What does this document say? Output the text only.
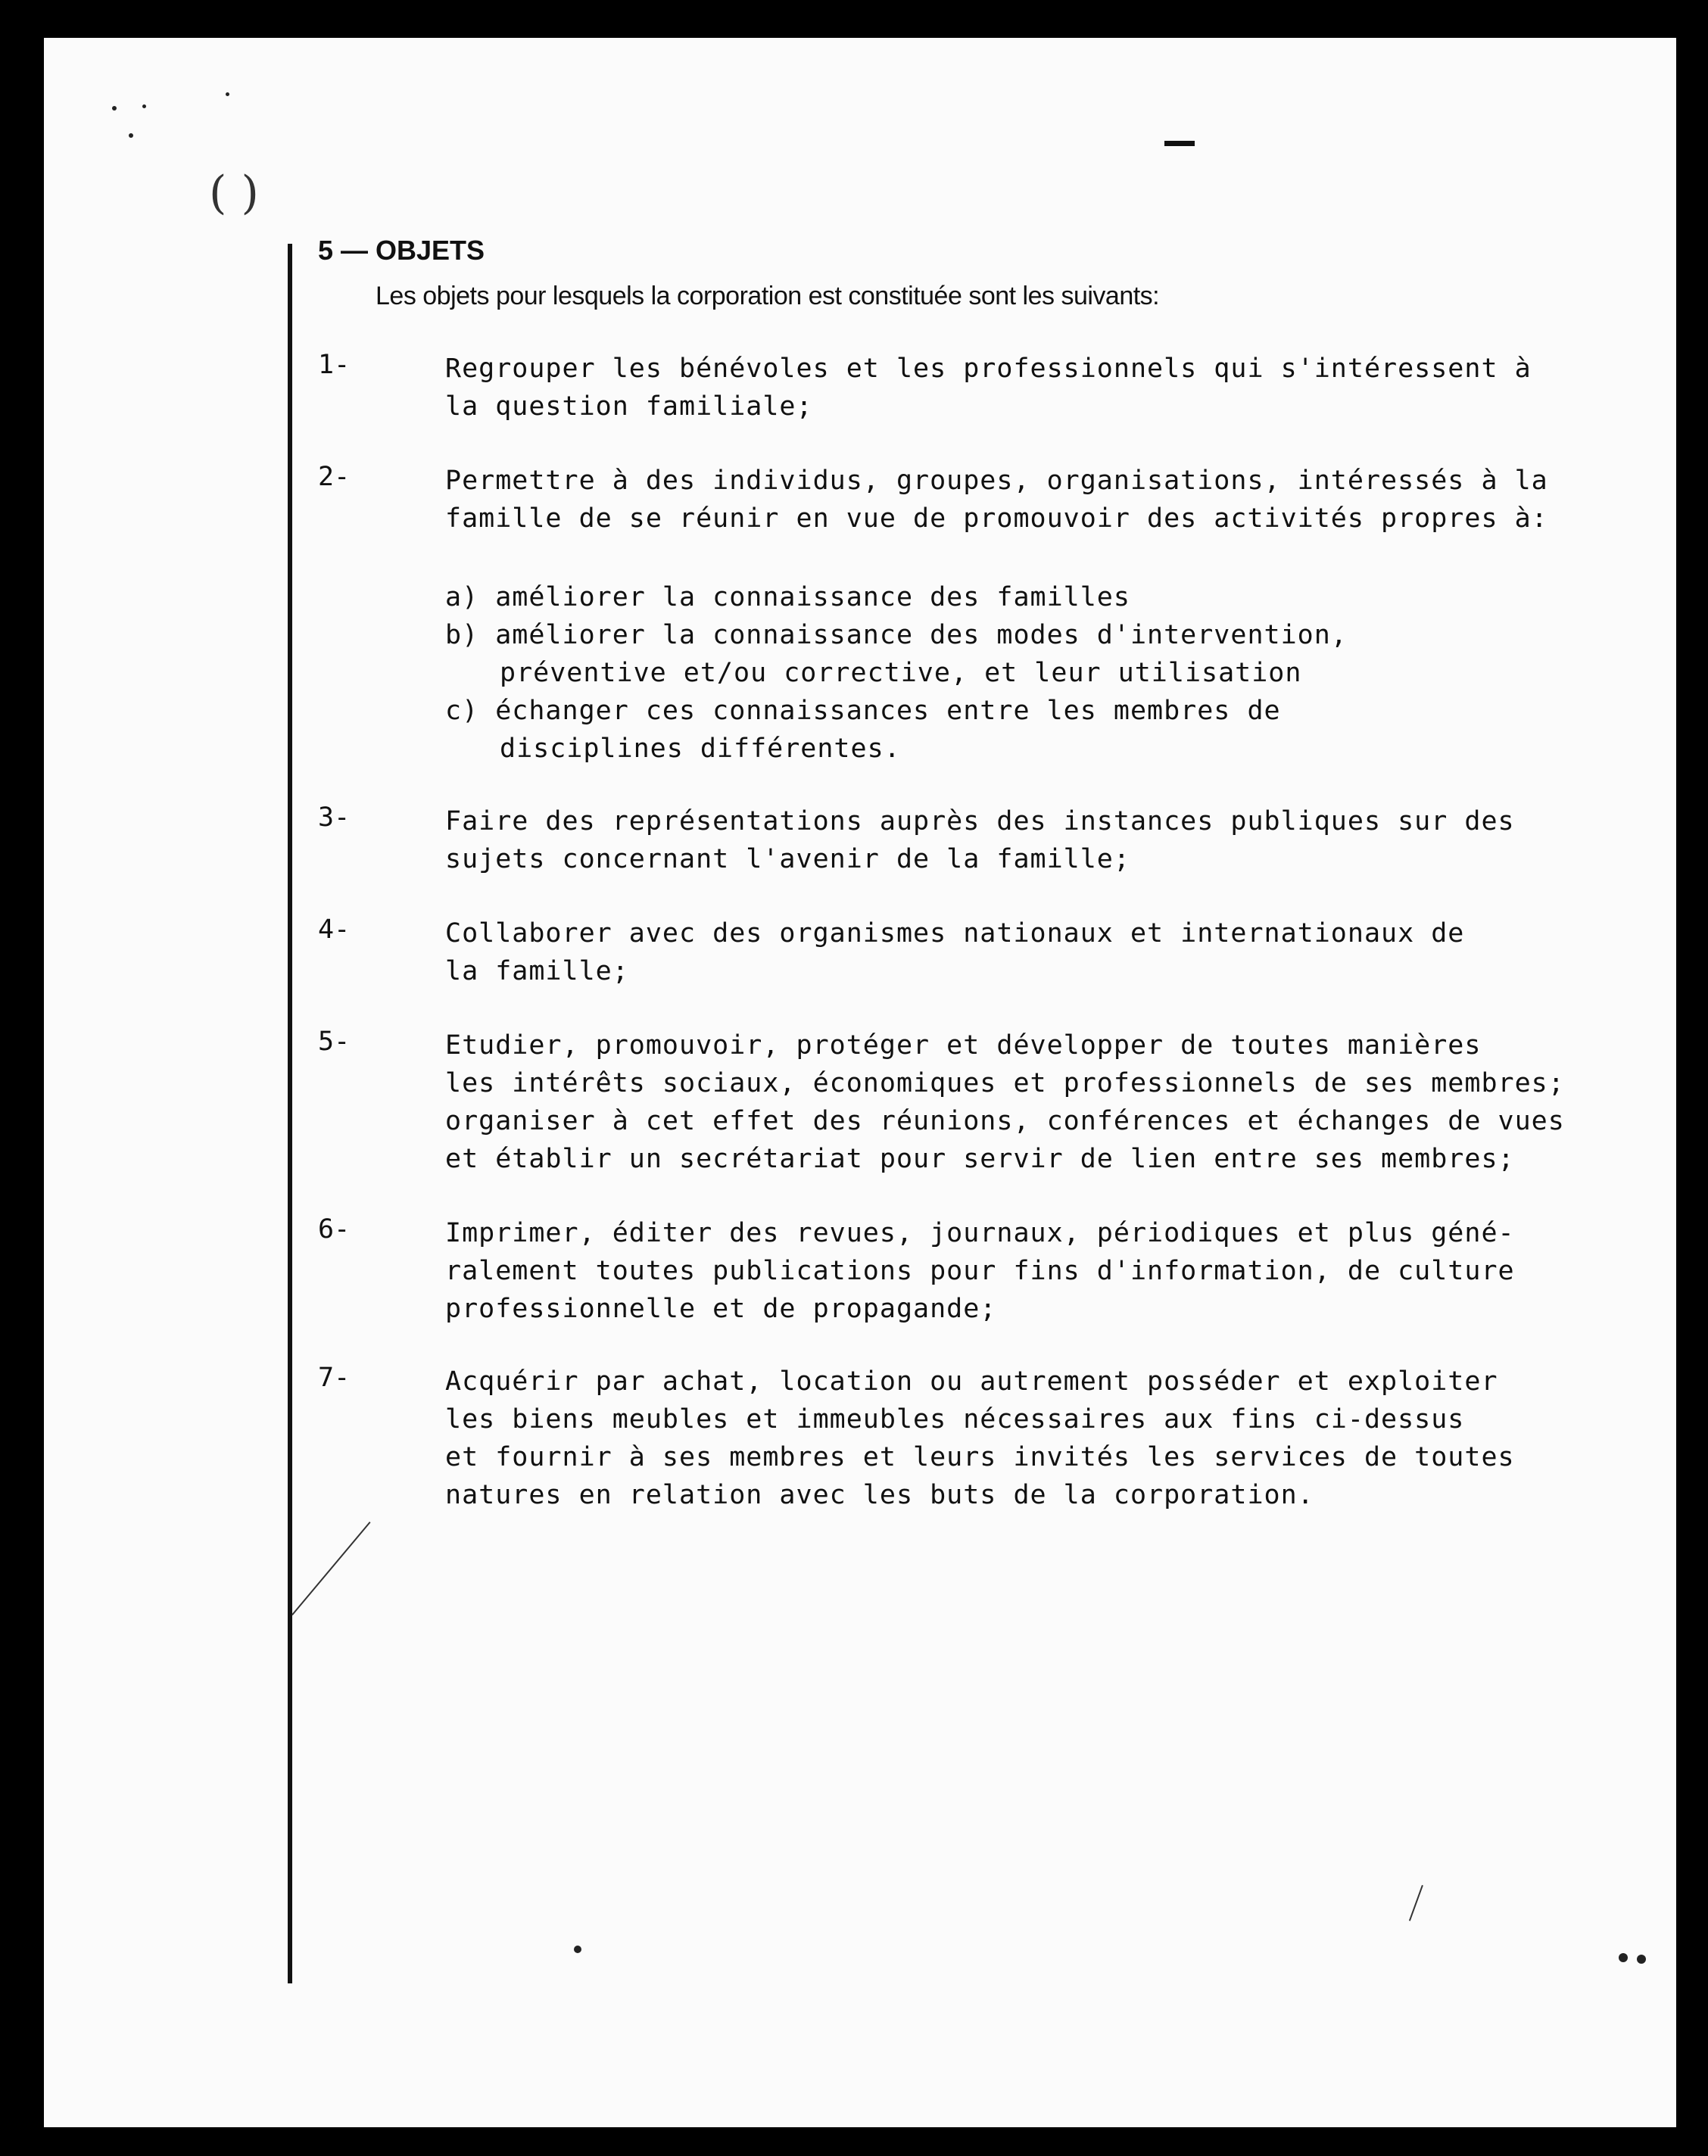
( )
5 — OBJETS
Les objets pour lesquels la corporation est constituée sont les suivants:
1-	Regrouper les bénévoles et les professionnels qui s'intéressent à
la question familiale;
2-	Permettre à des individus, groupes, organisations, intéressés à la
famille de se réunir en vue de promouvoir des activités propres à:
a) améliorer la connaissance des familles
b) améliorer la connaissance des modes d'intervention,
préventive et/ou corrective, et leur utilisation
c) échanger ces connaissances entre les membres de
disciplines différentes.
3-	Faire des représentations auprès des instances publiques sur des
sujets concernant l'avenir de la famille;
4-	Collaborer avec des organismes nationaux et internationaux de
la famille;
5-	Etudier, promouvoir, protéger et développer de toutes manières
les intérêts sociaux, économiques et professionnels de ses membres;
organiser à cet effet des réunions, conférences et échanges de vues
et établir un secrétariat pour servir de lien entre ses membres;
6-	Imprimer, éditer des revues, journaux, périodiques et plus géné-
ralement toutes publications pour fins d'information, de culture
professionnelle et de propagande;
7-	Acquérir par achat, location ou autrement posséder et exploiter
les biens meubles et immeubles nécessaires aux fins ci-dessus
et fournir à ses membres et leurs invités les services de toutes
natures en relation avec les buts de la corporation.
